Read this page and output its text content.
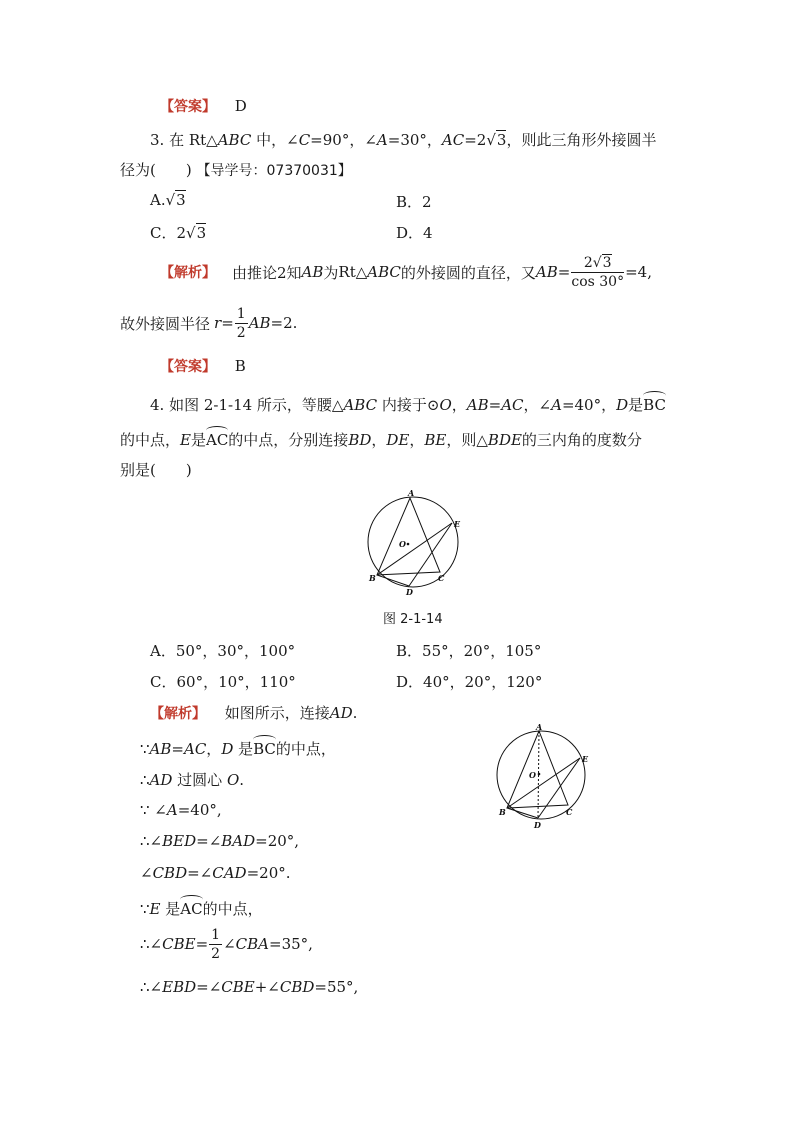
【答案】 D
3. 在 Rt△ABC 中，∠C=90°，∠A=30°，AC=2√3，则此三角形外接圆半
径为(　　) 【导学号：07370031】
A.√3	B．2
C．2√3	D．4
【解析】 由推论2知 AB 为 Rt△ ABC 的外接圆的直径，又 AB = $\frac{2√3}{\cos 30^\circ} =4$,
故外接圆半径 $r = \frac{1}{2}$ AB =2.
【答案】 B
4. 如图 2-1-14 所示，等腰△ABC 内接于⊙O，AB=AC，∠A=40°，D是BC
的中点，E是AC的中点，分别连接BD，DE，BE，则△BDE的三内角的度数分
别是(　　)
A
B	C
D
E
O
图 2-1-14
A．50°，30°，100°	B．55°，20°，105°
C．60°，10°，110°	D．40°，20°，120°
【解析】 如图所示，连接AD.
∵AB=AC，D 是BC的中点，
∴AD 过圆心 O.
∵ ∠A=40°,
∴∠BED=∠BAD=20°,
∠CBD=∠CAD=20°.
∵E 是AC的中点，
∴∠ CBE = $\frac{1}{2}$ ∠ CBA =35°,
∴∠EBD=∠CBE+∠CBD=55°,
A
B	C
D
E
O
